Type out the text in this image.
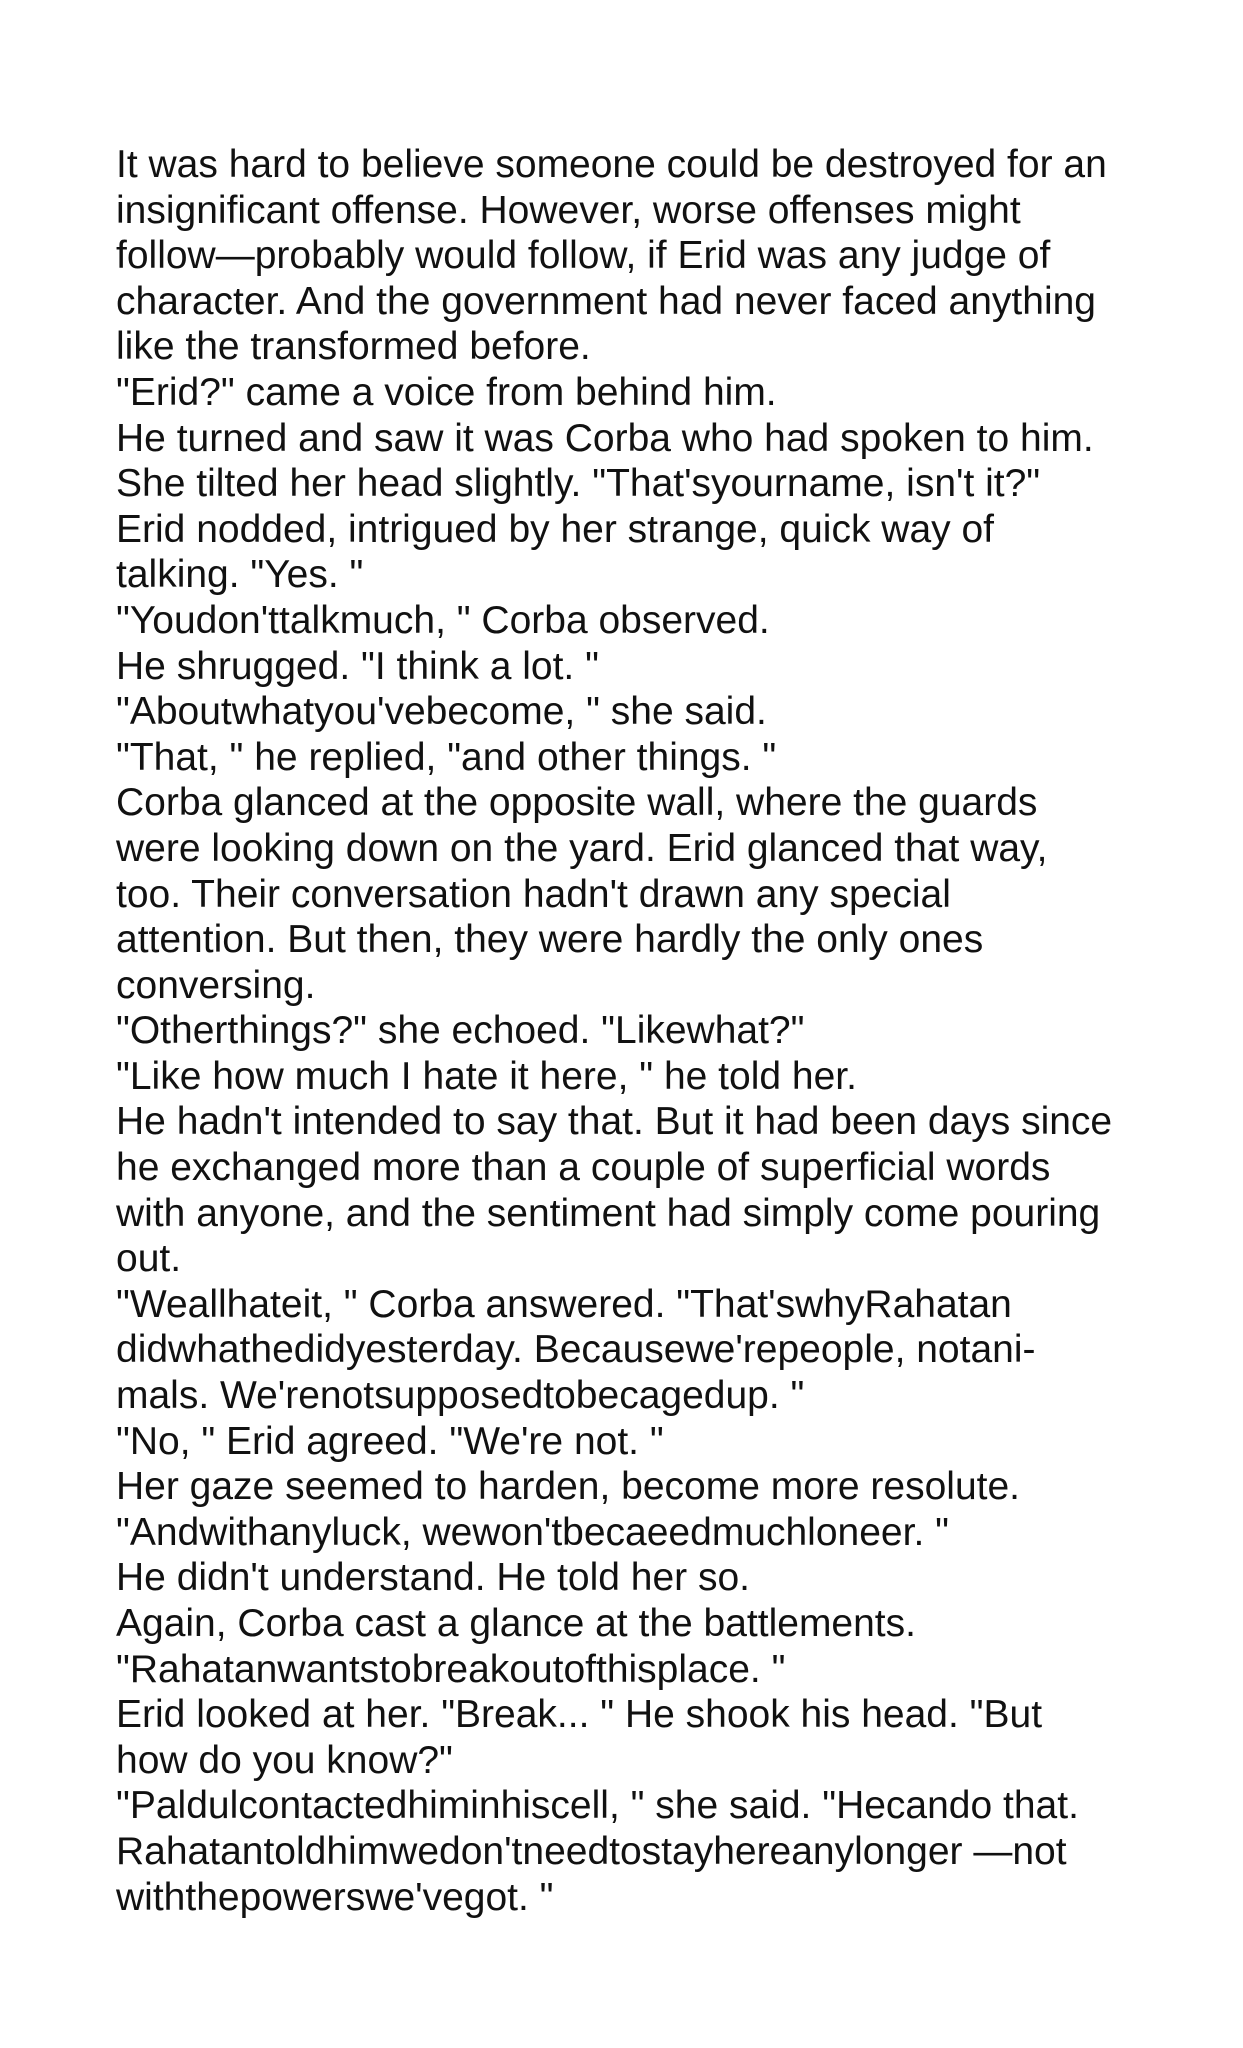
It was hard to believe someone could be destroyed for an
insignificant offense. However, worse offenses might
follow—probably would follow, if Erid was any judge of
character. And the government had never faced anything
like the transformed before.
"Erid?" came a voice from behind him.
He turned and saw it was Corba who had spoken to him.
She tilted her head slightly. "That'syourname, isn't it?"
Erid nodded, intrigued by her strange, quick way of
talking. "Yes. "
"Youdon'ttalkmuch, " Corba observed.
He shrugged. "I think a lot. "
"Aboutwhatyou'vebecome, " she said.
"That, " he replied, "and other things. "
Corba glanced at the opposite wall, where the guards
were looking down on the yard. Erid glanced that way,
too. Their conversation hadn't drawn any special
attention. But then, they were hardly the only ones
conversing.
"Otherthings?" she echoed. "Likewhat?"
"Like how much I hate it here, " he told her.
He hadn't intended to say that. But it had been days since
he exchanged more than a couple of superficial words
with anyone, and the sentiment had simply come pouring
out.
"Weallhateit, " Corba answered. "That'swhyRahatan
didwhathedidyesterday. Becausewe'repeople, notani-
mals. We'renotsupposedtobecagedup. "
"No, " Erid agreed. "We're not. "
Her gaze seemed to harden, become more resolute.
"Andwithanyluck, wewon'tbecaeedmuchloneer. "
He didn't understand. He told her so.
Again, Corba cast a glance at the battlements.
"Rahatanwantstobreakoutofthisplace. "
Erid looked at her. "Break... " He shook his head. "But
how do you know?"
"Paldulcontactedhiminhiscell, " she said. "Hecando that.
Rahatantoldhimwedon'tneedtostayhereanylonger —not
withthepowerswe'vegot. "
